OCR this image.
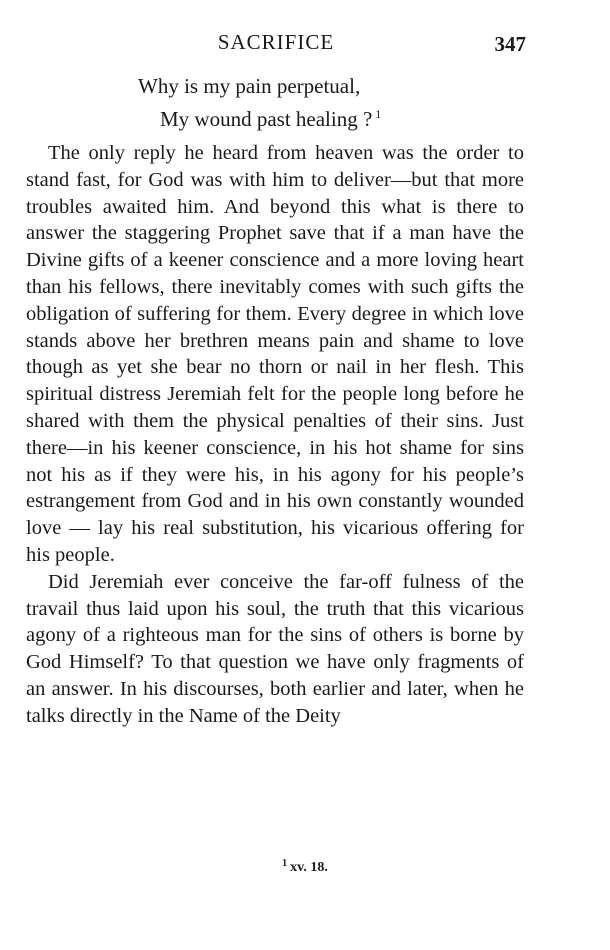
SACRIFICE	347
Why is my pain perpetual,
My wound past healing ? $^1$

The only reply he heard from heaven was the order to stand fast, for God was with him to deliver—but that more troubles awaited him. And beyond this what is there to answer the staggering Prophet save that if a man have the Divine gifts of a keener conscience and a more loving heart than his fellows, there inevitably comes with such gifts the obligation of suffering for them. Every degree in which love stands above her brethren means pain and shame to love though as yet she bear no thorn or nail in her flesh. This spiritual distress Jeremiah felt for the people long before he shared with them the physical penalties of their sins. Just there—in his keener conscience, in his hot shame for sins not his as if they were his, in his agony for his people’s estrangement from God and in his own constantly wounded love — lay his real substitution, his vicarious offering for his people.

Did Jeremiah ever conceive the far-off fulness of the travail thus laid upon his soul, the truth that this vicarious agony of a righteous man for the sins of others is borne by God Himself? To that question we have only fragments of an answer. In his discourses, both earlier and later, when he talks directly in the Name of the Deity

$^1$ xv. 18.
